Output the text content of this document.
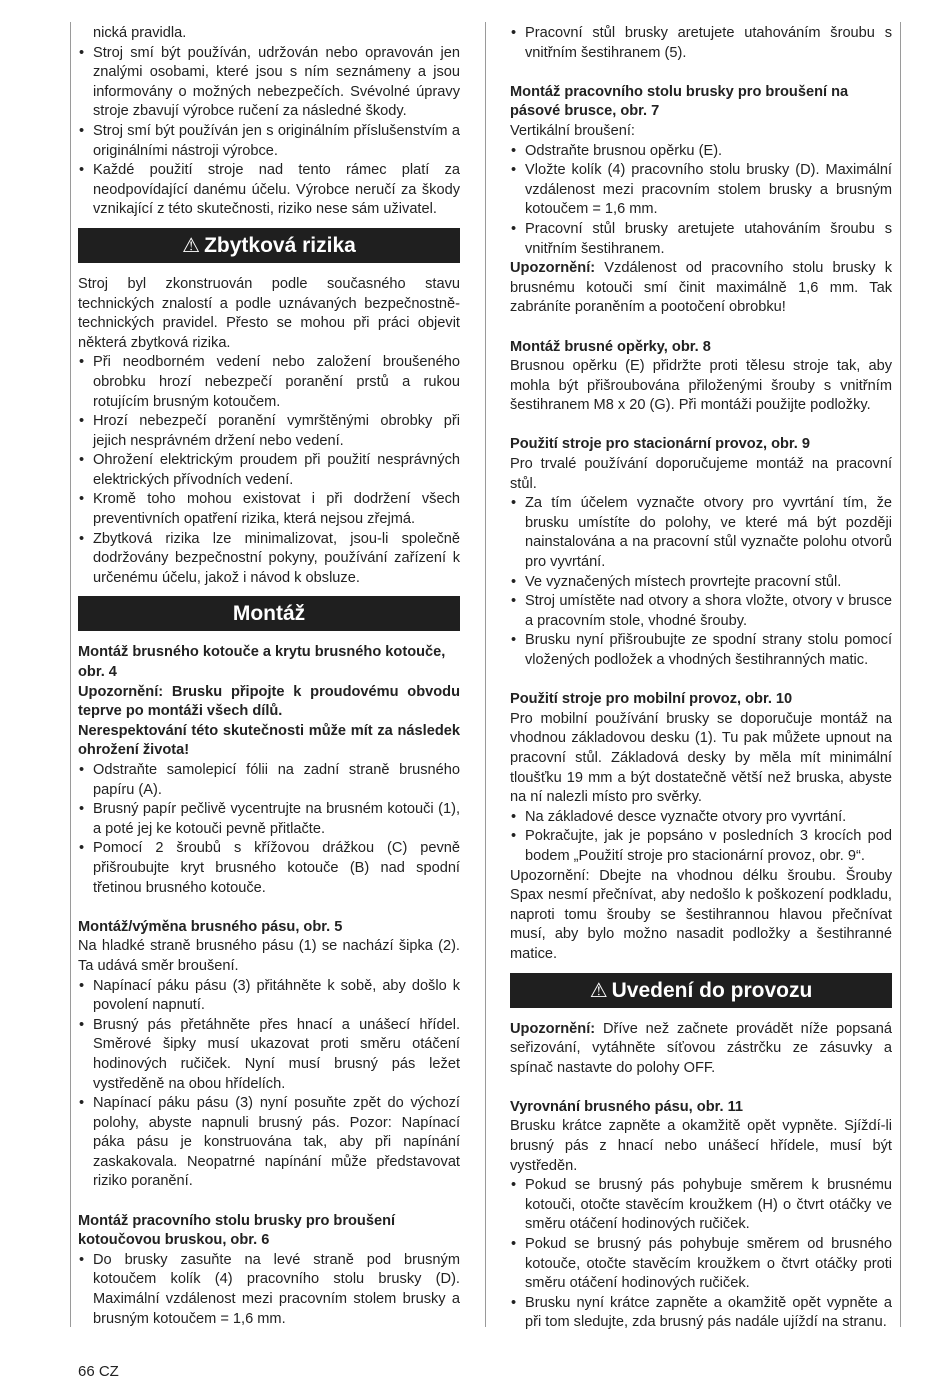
nická pravidla.

• Stroj smí být používán, udržován nebo opravován jen znalými osobami, které jsou s ním seznámeny a jsou informovány o možných nebezpečích. Svévolné úpravy stroje zbavují výrobce ručení za následné škody.
• Stroj smí být používán jen s originálním příslušenstvím a originálními nástroji výrobce.
• Každé použití stroje nad tento rámec platí za neodpovídající danému účelu. Výrobce neručí za škody vznikající z této skutečnosti, riziko nese sám uživatel.
⚠ Zbytková rizika

Stroj byl zkonstruován podle současného stavu technických znalostí a podle uznávaných bezpečnostně-technických pravidel. Přesto se mohou při práci objevit některá zbytková rizika.

• Při neodborném vedení nebo založení broušeného obrobku hrozí nebezpečí poranění prstů a rukou rotujícím brusným kotoučem.
• Hrozí nebezpečí poranění vymrštěnými obrobky při jejich nesprávném držení nebo vedení.
• Ohrožení elektrickým proudem při použití nesprávných elektrických přívodních vedení.
• Kromě toho mohou existovat i při dodržení všech preventivních opatření rizika, která nejsou zřejmá.
• Zbytková rizika lze minimalizovat, jsou-li společně dodržovány bezpečnostní pokyny, používání zařízení k určenému účelu, jakož i návod k obsluze.
Montáž
Montáž brusného kotouče a krytu brusného kotouče, obr. 4

Upozornění: Brusku připojte k proudovému obvodu teprve po montáži všech dílů.

Nerespektování této skutečnosti může mít za následek ohrožení života!

• Odstraňte samolepicí fólii na zadní straně brusného papíru (A).
• Brusný papír pečlivě vycentrujte na brusném kotouči (1), a poté jej ke kotouči pevně přitlačte.
• Pomocí 2 šroubů s křížovou drážkou (C) pevně přišroubujte kryt brusného kotouče (B) nad spodní třetinou brusného kotouče.
Montáž/výměna brusného pásu, obr. 5

Na hladké straně brusného pásu (1) se nachází šipka (2). Ta udává směr broušení.

• Napínací páku pásu (3) přitáhněte k sobě, aby došlo k povolení napnutí.
• Brusný pás přetáhněte přes hnací a unášecí hřídel. Směrové šipky musí ukazovat proti směru otáčení hodinových ručiček. Nyní musí brusný pás ležet vystředěně na obou hřídelích.
• Napínací páku pásu (3) nyní posuňte zpět do výchozí polohy, abyste napnuli brusný pás. Pozor: Napínací páka pásu je konstruována tak, aby při napínání zaskakovala. Neopatrné napínání může představovat riziko poranění.
Montáž pracovního stolu brusky pro broušení kotoučovou bruskou, obr. 6
• Do brusky zasuňte na levé straně pod brusným kotoučem kolík (4) pracovního stolu brusky (D). Maximální vzdálenost mezi pracovním stolem brusky a brusným kotoučem = 1,6 mm.
• Pracovní stůl brusky aretujete utahováním šroubu s vnitřním šestihranem (5).
Montáž pracovního stolu brusky pro broušení na pásové brusce, obr. 7

Vertikální broušení:

• Odstraňte brusnou opěrku (E).
• Vložte kolík (4) pracovního stolu brusky (D). Maximální vzdálenost mezi pracovním stolem brusky a brusným kotoučem = 1,6 mm.
• Pracovní stůl brusky aretujete utahováním šroubu s vnitřním šestihranem.

Upozornění: Vzdálenost od pracovního stolu brusky k brusnému kotouči smí činit maximálně 1,6 mm. Tak zabráníte poraněním a pootočení obrobku!

Montáž brusné opěrky, obr. 8

Brusnou opěrku (E) přidržte proti tělesu stroje tak, aby mohla být přišroubována přiloženými šrouby s vnitřním šestihranem M8 x 20 (G). Při montáži použijte podložky.

Použití stroje pro stacionární provoz, obr. 9

Pro trvalé používání doporučujeme montáž na pracovní stůl.

• Za tím účelem vyznačte otvory pro vyvrtání tím, že brusku umístíte do polohy, ve které má být později nainstalována a na pracovní stůl vyznačte polohu otvorů pro vyvrtání.
• Ve vyznačených místech provrtejte pracovní stůl.
• Stroj umístěte nad otvory a shora vložte, otvory v brusce a pracovním stole, vhodné šrouby.
• Brusku nyní přišroubujte ze spodní strany stolu pomocí vložených podložek a vhodných šestihranných matic.
Použití stroje pro mobilní provoz, obr. 10

Pro mobilní používání brusky se doporučuje montáž na vhodnou základovou desku (1). Tu pak můžete upnout na pracovní stůl. Základová desky by měla mít minimální tloušťku 19 mm a být dostatečně větší než bruska, abyste na ní nalezli místo pro svěrky.

• Na základové desce vyznačte otvory pro vyvrtání.
• Pokračujte, jak je popsáno v posledních 3 krocích pod bodem „Použití stroje pro stacionární provoz, obr. 9“.

Upozornění: Dbejte na vhodnou délku šroubu. Šrouby Spax nesmí přečnívat, aby nedošlo k poškození podkladu, naproti tomu šrouby se šestihrannou hlavou přečnívat musí, aby bylo možno nasadit podložky a šestihranné matice.

⚠ Uvedení do provozu

Upozornění: Dříve než začnete provádět níže popsaná seřizování, vytáhněte síťovou zástrčku ze zásuvky a spínač nastavte do polohy OFF.

Vyrovnání brusného pásu, obr. 11

Brusku krátce zapněte a okamžitě opět vypněte. Sjíždí-li brusný pás z hnací nebo unášecí hřídele, musí být vystředěn.

• Pokud se brusný pás pohybuje směrem k brusnému kotouči, otočte stavěcím kroužkem (H) o čtvrt otáčky ve směru otáčení hodinových ručiček.
• Pokud se brusný pás pohybuje směrem od brusného kotouče, otočte stavěcím kroužkem o čtvrt otáčky proti směru otáčení hodinových ručiček.
• Brusku nyní krátce zapněte a okamžitě opět vypněte a při tom sledujte, zda brusný pás nadále ujíždí na stranu.
66 CZ
